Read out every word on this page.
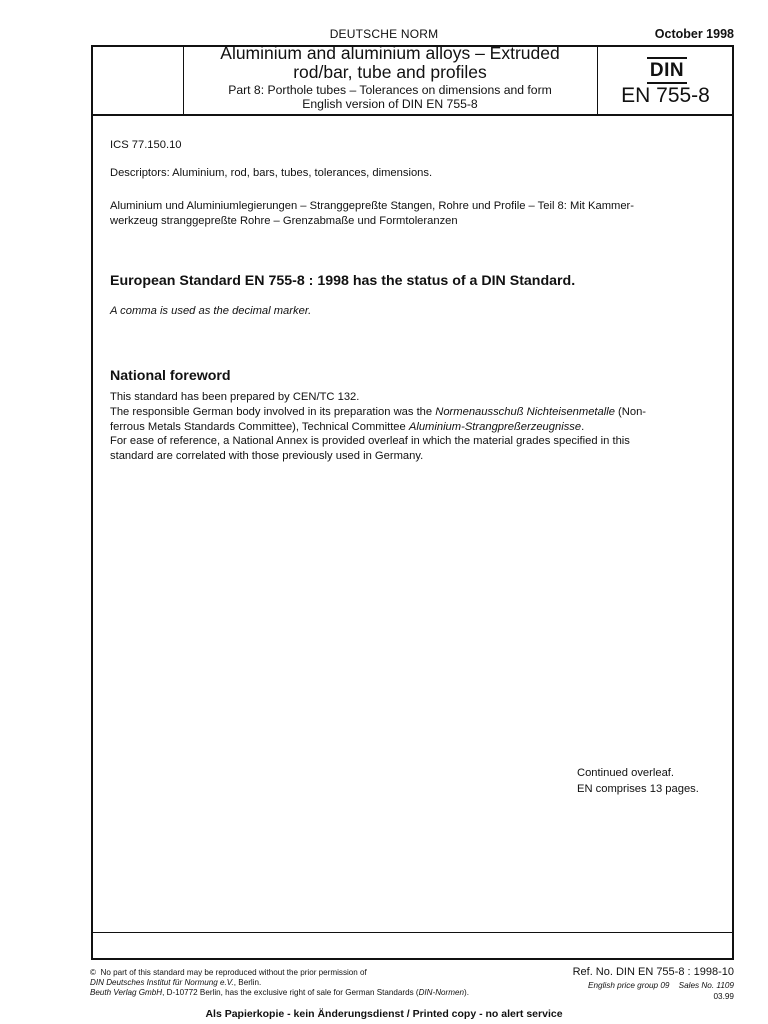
DEUTSCHE NORM	October 1998
Aluminium and aluminium alloys – Extruded
rod/bar, tube and profiles
Part 8: Porthole tubes – Tolerances on dimensions and form
English version of DIN EN 755-8
DIN
EN 755-8
ICS 77.150.10
Descriptors: Aluminium, rod, bars, tubes, tolerances, dimensions.
Aluminium und Aluminiumlegierungen – Stranggepreßte Stangen, Rohre und Profile – Teil 8: Mit Kammer-
werkzeug stranggepreßte Rohre – Grenzabmaße und Formtoleranzen
European Standard EN 755-8 : 1998 has the status of a DIN Standard.
A comma is used as the decimal marker.
National foreword
This standard has been prepared by CEN/TC 132.
The responsible German body involved in its preparation was the Normenausschuß Nichteisenmetalle (Non-
ferrous Metals Standards Committee), Technical Committee Aluminium-Strangpreßerzeugnisse.
For ease of reference, a National Annex is provided overleaf in which the material grades specified in this
standard are correlated with those previously used in Germany.
Continued overleaf.
EN comprises 13 pages.
© No part of this standard may be reproduced without the prior permission of
DIN Deutsches Institut für Normung e.V., Berlin.
Beuth Verlag GmbH, D-10772 Berlin, has the exclusive right of sale for German Standards (DIN-Normen).
Ref. No. DIN EN 755-8 : 1998-10
English price group 09 Sales No. 1109
03.99
Als Papierkopie - kein Änderungsdienst / Printed copy - no alert service
